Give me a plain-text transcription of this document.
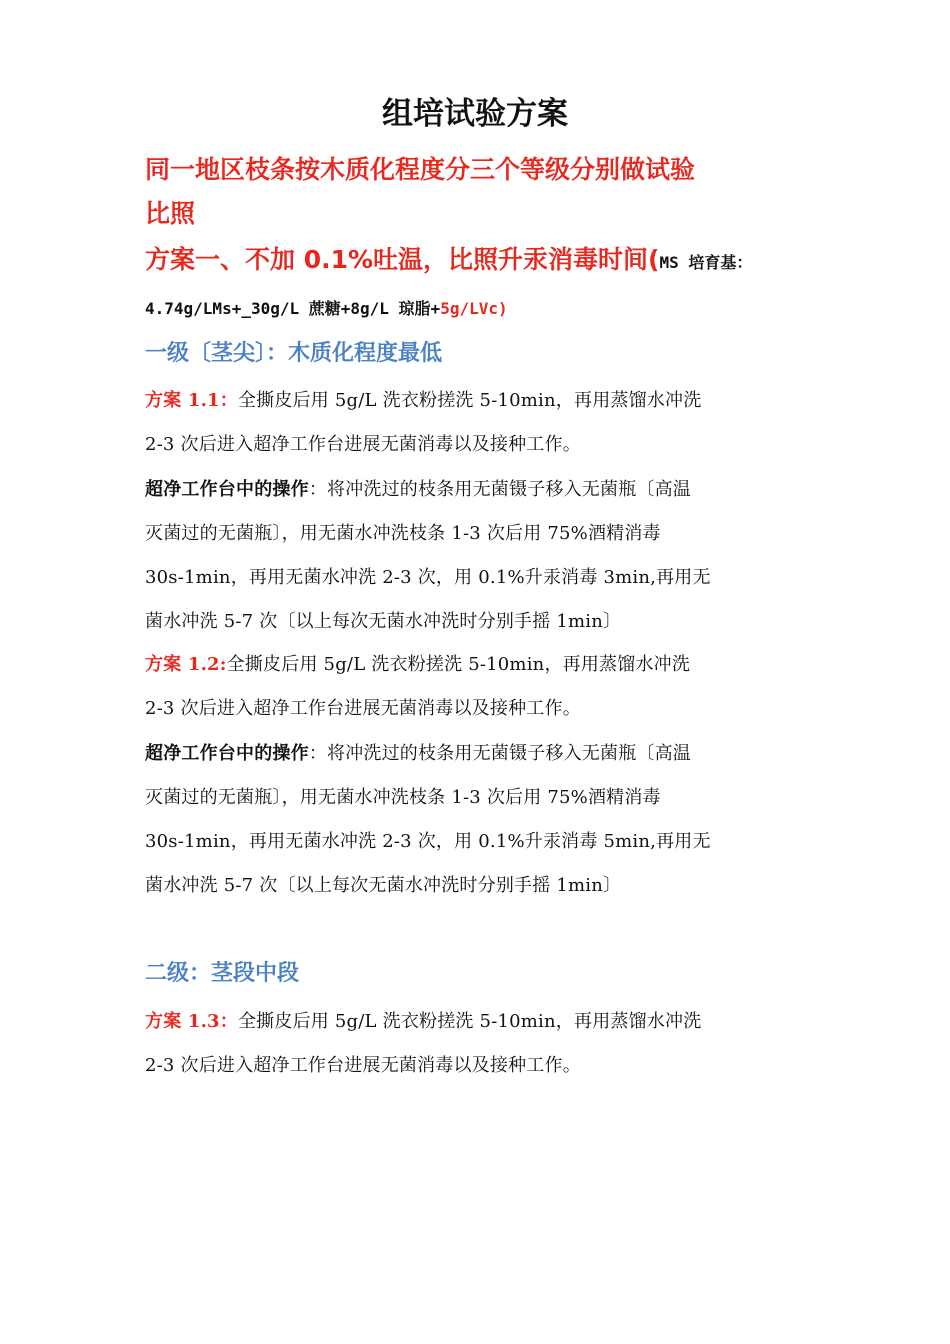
组培试验方案
同一地区枝条按木质化程度分三个等级分别做试验
比照
方案一、不加 0.1%吐温，比照升汞消毒时间(MS 培育基：
4.74g/LMs+_30g/L 蔗糖+8g/L 琼脂+5g/LVc)
一级〔茎尖〕：木质化程度最低
方案 1.1：全撕皮后用 5g/L 洗衣粉搓洗 5-10min，再用蒸馏水冲洗
2-3 次后进入超净工作台进展无菌消毒以及接种工作。
超净工作台中的操作：将冲洗过的枝条用无菌镊子移入无菌瓶〔高温
灭菌过的无菌瓶〕，用无菌水冲洗枝条 1-3 次后用 75%酒精消毒
30s-1min，再用无菌水冲洗 2-3 次，用 0.1%升汞消毒 3min,再用无
菌水冲洗 5-7 次〔以上每次无菌水冲洗时分别手摇 1min〕
方案 1.2:全撕皮后用 5g/L 洗衣粉搓洗 5-10min，再用蒸馏水冲洗
2-3 次后进入超净工作台进展无菌消毒以及接种工作。
超净工作台中的操作：将冲洗过的枝条用无菌镊子移入无菌瓶〔高温
灭菌过的无菌瓶〕，用无菌水冲洗枝条 1-3 次后用 75%酒精消毒
30s-1min，再用无菌水冲洗 2-3 次，用 0.1%升汞消毒 5min,再用无
菌水冲洗 5-7 次〔以上每次无菌水冲洗时分别手摇 1min〕
二级：茎段中段
方案 1.3：全撕皮后用 5g/L 洗衣粉搓洗 5-10min，再用蒸馏水冲洗
2-3 次后进入超净工作台进展无菌消毒以及接种工作。
